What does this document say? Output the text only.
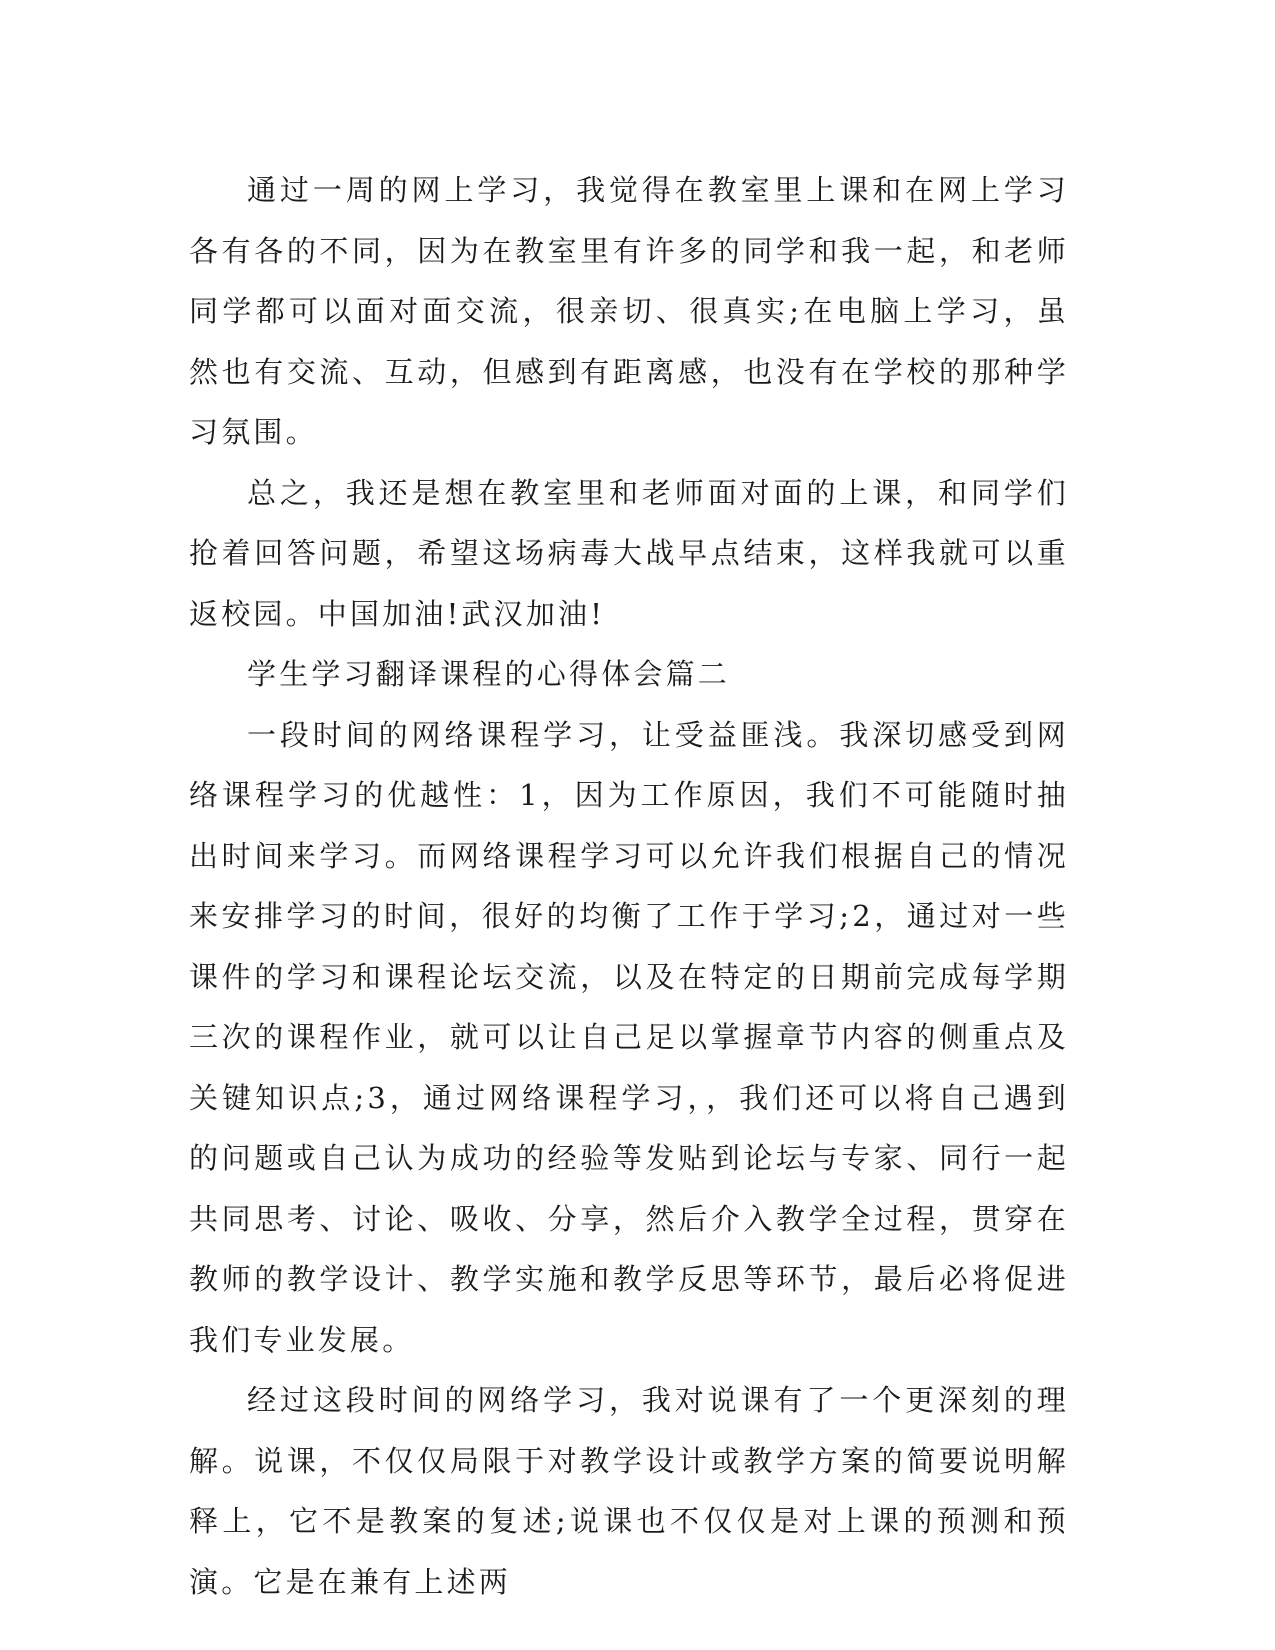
通过一周的网上学习，我觉得在教室里上课和在网上学习各有各的不同，因为在教室里有许多的同学和我一起，和老师同学都可以面对面交流，很亲切、很真实;在电脑上学习，虽然也有交流、互动，但感到有距离感，也没有在学校的那种学习氛围。

总之，我还是想在教室里和老师面对面的上课，和同学们抢着回答问题，希望这场病毒大战早点结束，这样我就可以重返校园。中国加油!武汉加油!

学生学习翻译课程的心得体会篇二

一段时间的网络课程学习，让受益匪浅。我深切感受到网络课程学习的优越性：1，因为工作原因，我们不可能随时抽出时间来学习。而网络课程学习可以允许我们根据自己的情况来安排学习的时间，很好的均衡了工作于学习;2，通过对一些课件的学习和课程论坛交流，以及在特定的日期前完成每学期三次的课程作业，就可以让自己足以掌握章节内容的侧重点及关键知识点;3，通过网络课程学习，，我们还可以将自己遇到的问题或自己认为成功的经验等发贴到论坛与专家、同行一起共同思考、讨论、吸收、分享，然后介入教学全过程，贯穿在教师的教学设计、教学实施和教学反思等环节，最后必将促进我们专业发展。

经过这段时间的网络学习，我对说课有了一个更深刻的理解。说课，不仅仅局限于对教学设计或教学方案的简要说明解释上，它不是教案的复述;说课也不仅仅是对上课的预测和预演。它是在兼有上述两
